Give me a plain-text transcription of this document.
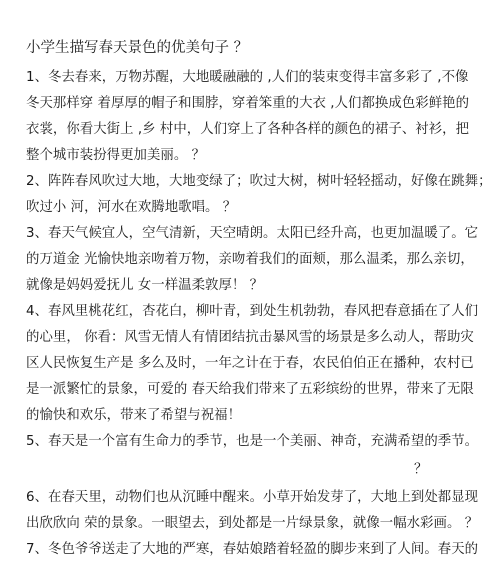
小学生描写春天景色的优美句子 ？
1、冬去春来，万物苏醒，大地暖融融的 ,人们的装束变得丰富多彩了 ,不像
冬天那样穿 着厚厚的帽子和围脖，穿着笨重的大衣 ,人们都换成色彩鲜艳的
衣裳，你看大街上 ,乡 村中，人们穿上了各种各样的颜色的裙子、衬衫，把
整个城市装扮得更加美丽。 ？
2、阵阵春风吹过大地，大地变绿了；吹过大树，树叶轻轻摇动，好像在跳舞；
吹过小 河，河水在欢腾地歌唱。 ？
3、春天气候宜人，空气清新，天空晴朗。太阳已经升高，也更加温暖了。它
的万道金 光愉快地亲吻着万物，亲吻着我们的面颊，那么温柔，那么亲切，
就像是妈妈爱抚儿 女一样温柔敦厚！ ？
4、春风里桃花红，杏花白，柳叶青，到处生机勃勃，春风把春意插在了人们
的心里， 你看：风雪无情人有情团结抗击暴风雪的场景是多么动人，帮助灾
区人民恢复生产是 多么及时，一年之计在于春，农民伯伯正在播种，农村已
是一派繁忙的景象，可爱的 春天给我们带来了五彩缤纷的世界，带来了无限
的愉快和欢乐，带来了希望与祝福！
5、春天是一个富有生命力的季节，也是一个美丽、神奇，充满希望的季节。
？
6、在春天里，动物们也从沉睡中醒来。小草开始发芽了，大地上到处都显现
出欣欣向 荣的景象。一眼望去，到处都是一片绿景象，就像一幅水彩画。 ？
7、冬色爷爷送走了大地的严寒，春姑娘踏着轻盈的脚步来到了人间。春天的
